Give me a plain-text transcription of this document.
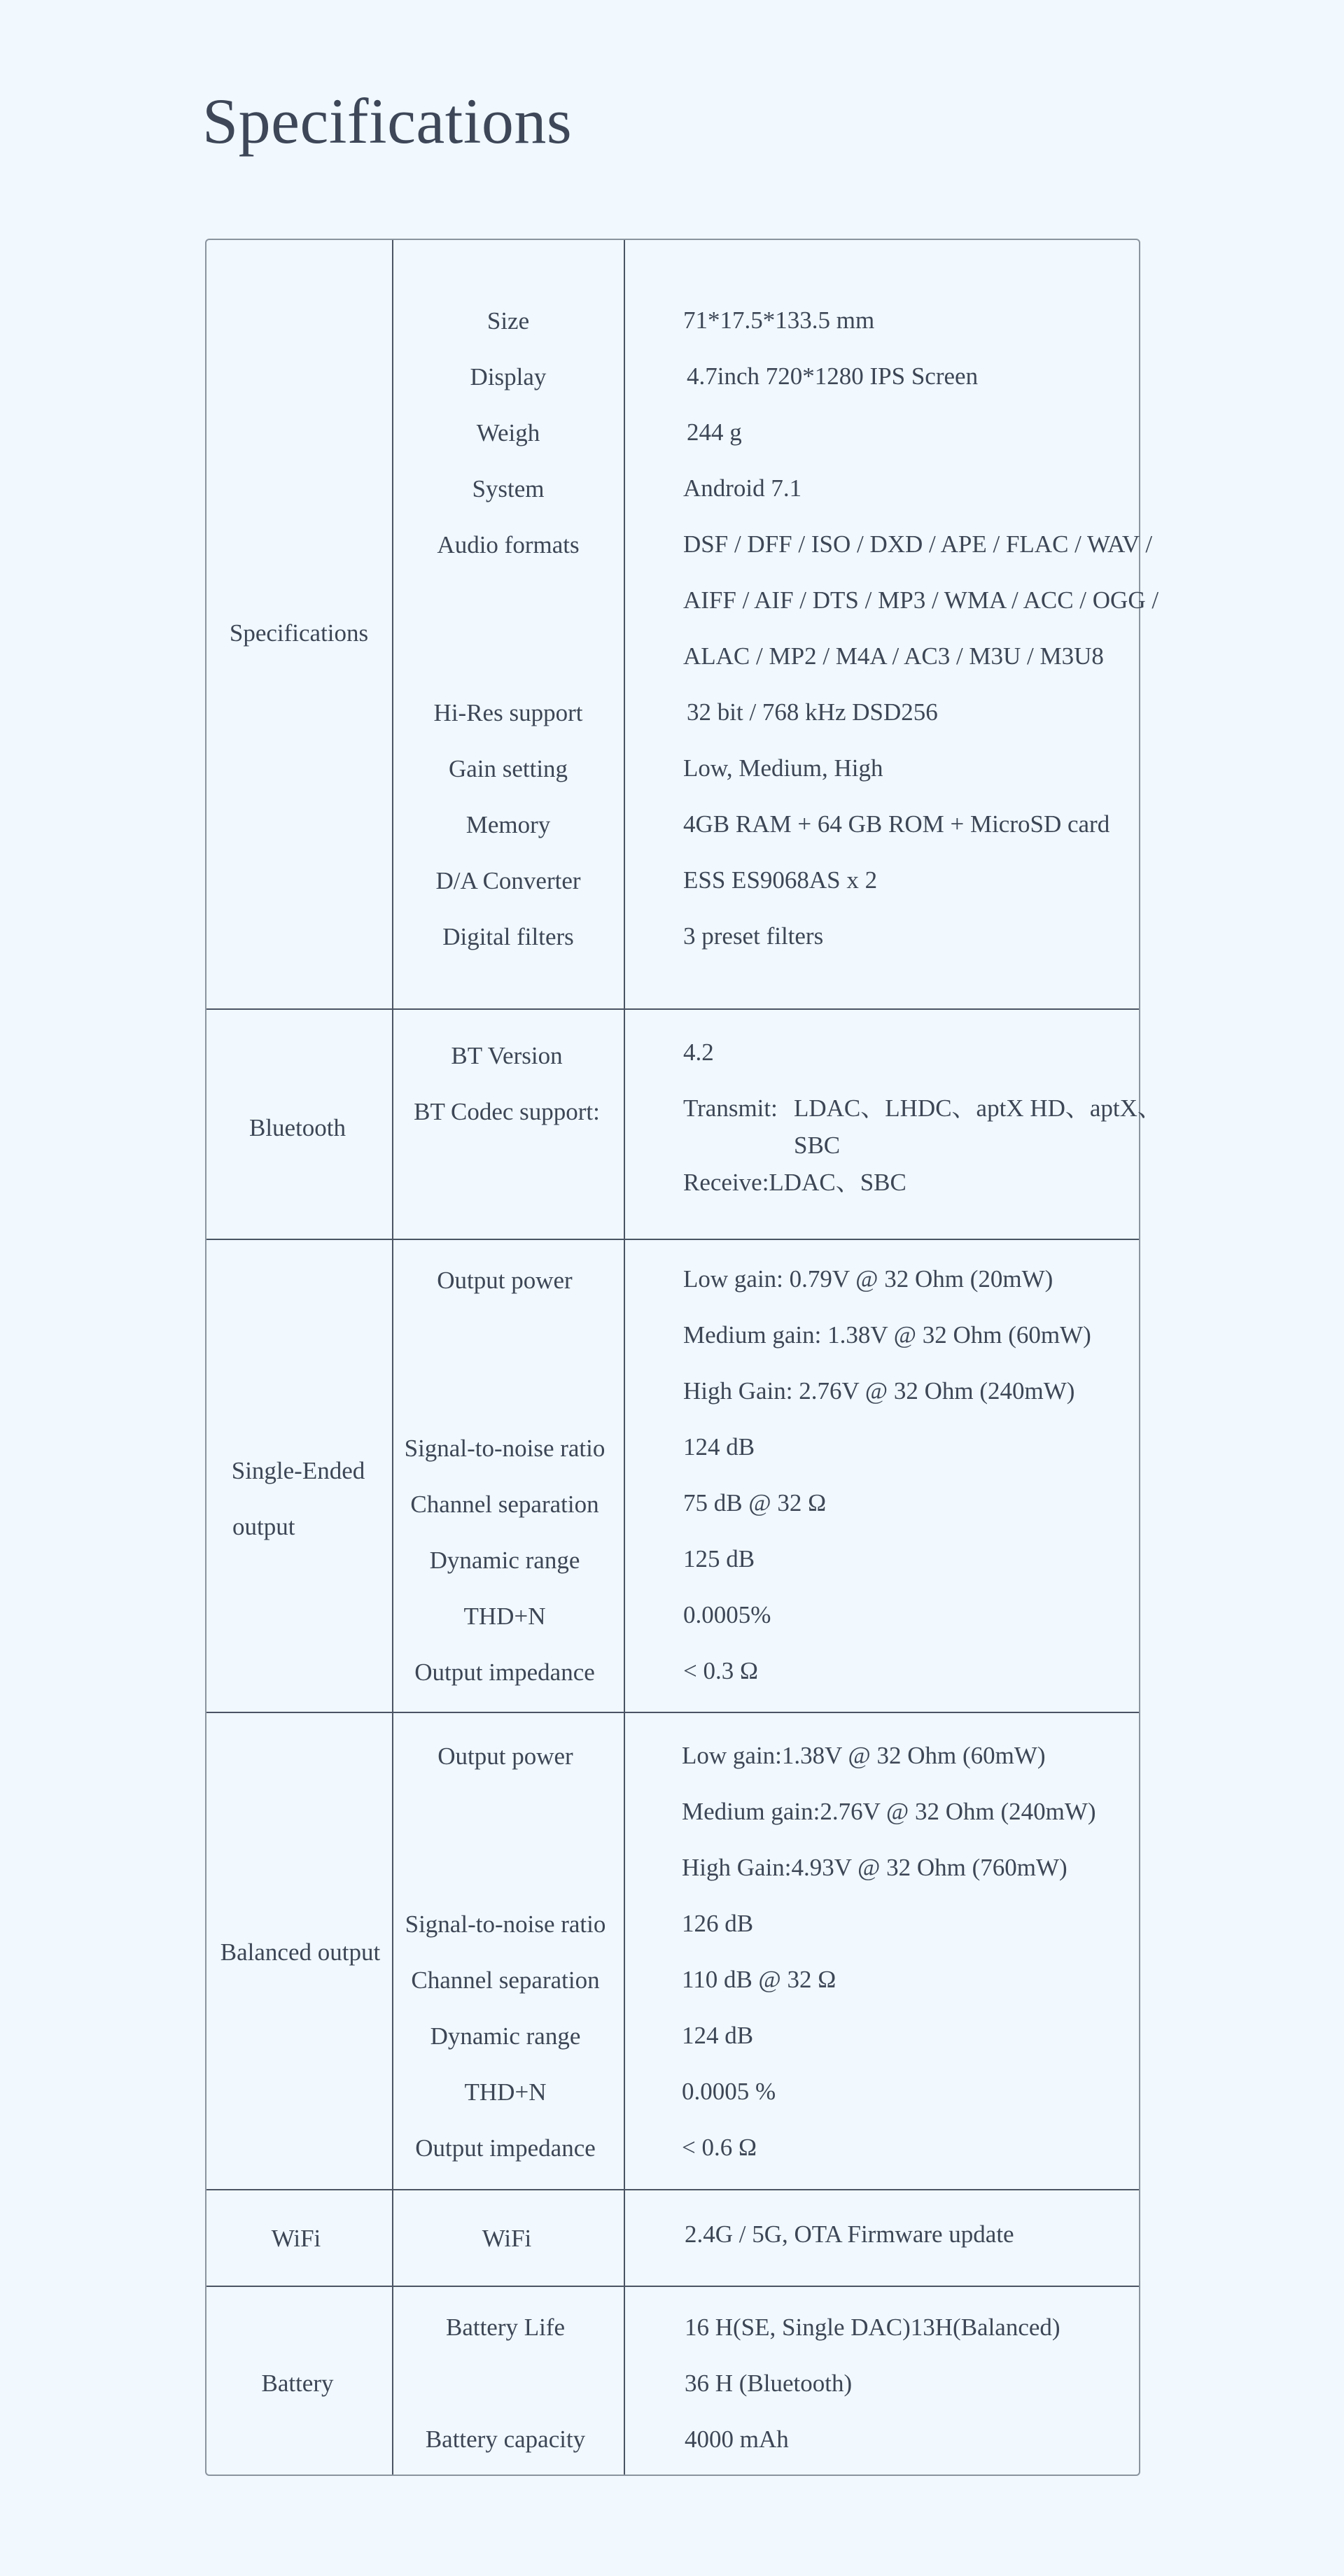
Specifications
Specifications
Size	71*17.5*133.5 mm
Display	4.7inch 720*1280 IPS Screen
Weigh	244 g
System	Android 7.1
Audio formats	DSF / DFF / ISO / DXD / APE / FLAC / WAV /
AIFF / AIF / DTS / MP3 / WMA / ACC / OGG /
ALAC / MP2 / M4A / AC3 / M3U / M3U8
Hi-Res support	32 bit / 768 kHz DSD256
Gain setting	Low, Medium, High
Memory	4GB RAM + 64 GB ROM + MicroSD card
D/A Converter	ESS ES9068AS x 2
Digital filters	3 preset filters
Bluetooth
BT Version	4.2
BT Codec support:	Transmit: LDAC、LHDC、aptX HD、aptX、
SBC
Receive:LDAC、SBC
Single-Ended
output
Output power	Low gain: 0.79V @ 32 Ohm (20mW)
Medium gain: 1.38V @ 32 Ohm (60mW)
High Gain: 2.76V @ 32 Ohm (240mW)
Signal-to-noise ratio	124 dB
Channel separation	75 dB @ 32 Ω
Dynamic range	125 dB
THD+N	0.0005%
Output impedance	< 0.3 Ω
Balanced output
Output power	Low gain:1.38V @ 32 Ohm (60mW)
Medium gain:2.76V @ 32 Ohm (240mW)
High Gain:4.93V @ 32 Ohm (760mW)
Signal-to-noise ratio	126 dB
Channel separation	110 dB @ 32 Ω
Dynamic range	124 dB
THD+N	0.0005 %
Output impedance	< 0.6 Ω
WiFi	WiFi	2.4G / 5G, OTA Firmware update
Battery
Battery Life	16 H(SE, Single DAC)13H(Balanced)
36 H (Bluetooth)
Battery capacity	4000 mAh
